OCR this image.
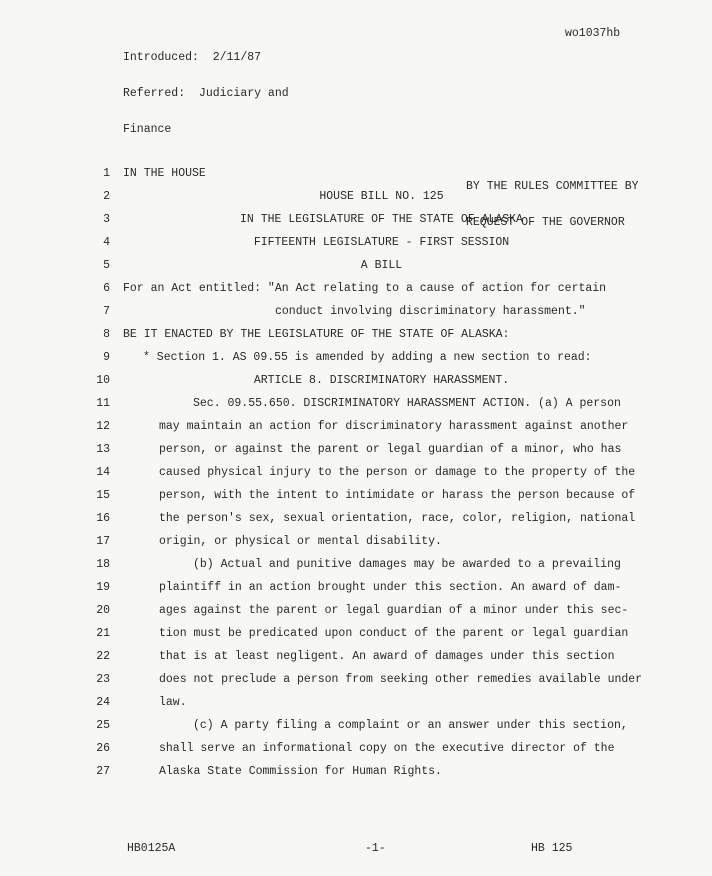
Introduced:  2/11/87

Referred:  Judiciary and

Finance

wo1037hb

BY THE RULES COMMITTEE BY

REQUEST OF THE GOVERNOR

1 IN THE HOUSE
2	HOUSE BILL NO. 125
3	IN THE LEGISLATURE OF THE STATE OF ALASKA
4	FIFTEENTH LEGISLATURE - FIRST SESSION
5	A BILL
6 For an Act entitled: "An Act relating to a cause of action for certain
7	conduct involving discriminatory harassment."
8 BE IT ENACTED BY THE LEGISLATURE OF THE STATE OF ALASKA:
9	* Section 1. AS 09.55 is amended by adding a new section to read:
10	ARTICLE 8. DISCRIMINATORY HARASSMENT.
11	Sec. 09.55.650. DISCRIMINATORY HARASSMENT ACTION. (a) A person
12	may maintain an action for discriminatory harassment against another
13	person, or against the parent or legal guardian of a minor, who has
14	caused physical injury to the person or damage to the property of the
15	person, with the intent to intimidate or harass the person because of
16	the person's sex, sexual orientation, race, color, religion, national
17	origin, or physical or mental disability.
18	(b) Actual and punitive damages may be awarded to a prevailing
19	plaintiff in an action brought under this section. An award of dam-
20	ages against the parent or legal guardian of a minor under this sec-
21	tion must be predicated upon conduct of the parent or legal guardian
22	that is at least negligent. An award of damages under this section
23	does not preclude a person from seeking other remedies available under
24	law.
25	(c) A party filing a complaint or an answer under this section,
26	shall serve an informational copy on the executive director of the
27	Alaska State Commission for Human Rights.
HB0125A	-1-	HB 125
